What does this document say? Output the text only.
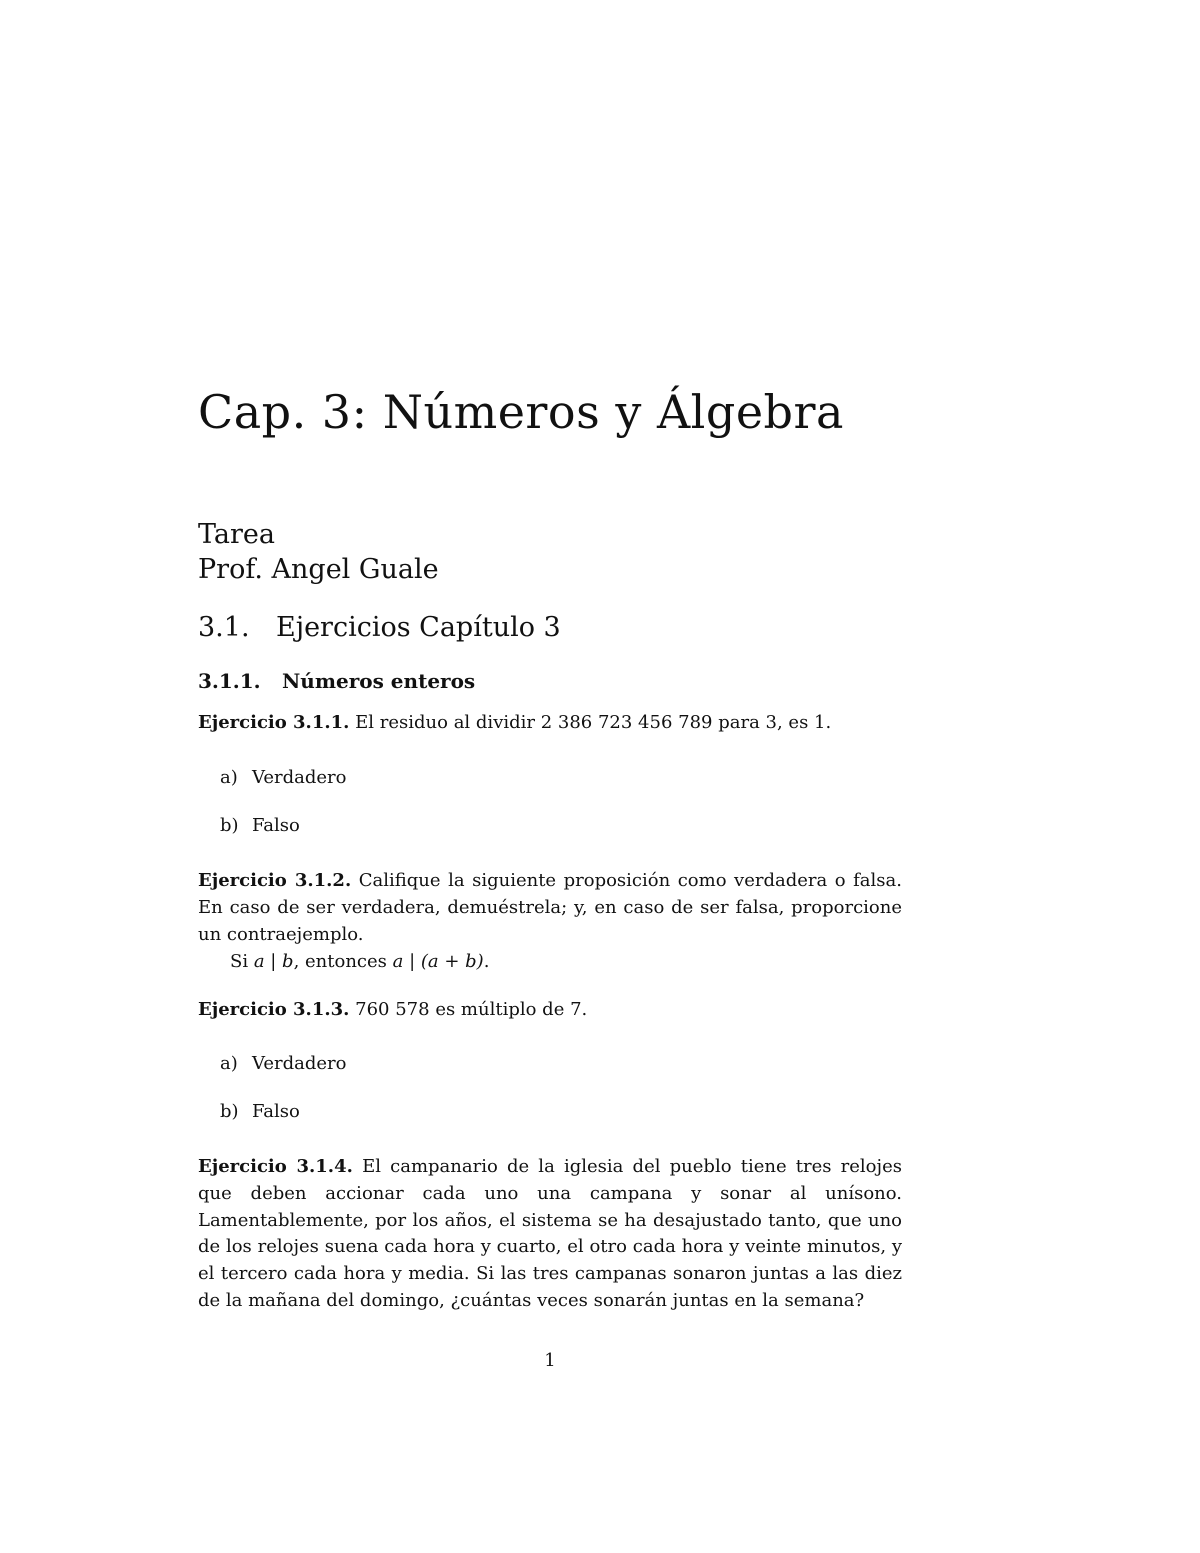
Cap. 3: Números y Álgebra
Tarea
Prof. Angel Guale
3.1. Ejercicios Capítulo 3
3.1.1. Números enteros
Ejercicio 3.1.1. El residuo al dividir 2 386 723 456 789 para 3, es 1.
a) Verdadero
b) Falso
Ejercicio 3.1.2. Califique la siguiente proposición como verdadera o falsa. En caso de ser verdadera, demuéstrela; y, en caso de ser falsa, proporcione un contraejemplo.
Si a | b, entonces a | (a + b).
Ejercicio 3.1.3. 760 578 es múltiplo de 7.
a) Verdadero
b) Falso
Ejercicio 3.1.4. El campanario de la iglesia del pueblo tiene tres relojes que deben accionar cada uno una campana y sonar al unísono. Lamentablemente, por los años, el sistema se ha desajustado tanto, que uno de los relojes suena cada hora y cuarto, el otro cada hora y veinte minutos, y el tercero cada hora y media. Si las tres campanas sonaron juntas a las diez de la mañana del domingo, ¿cuántas veces sonarán juntas en la semana?
1
